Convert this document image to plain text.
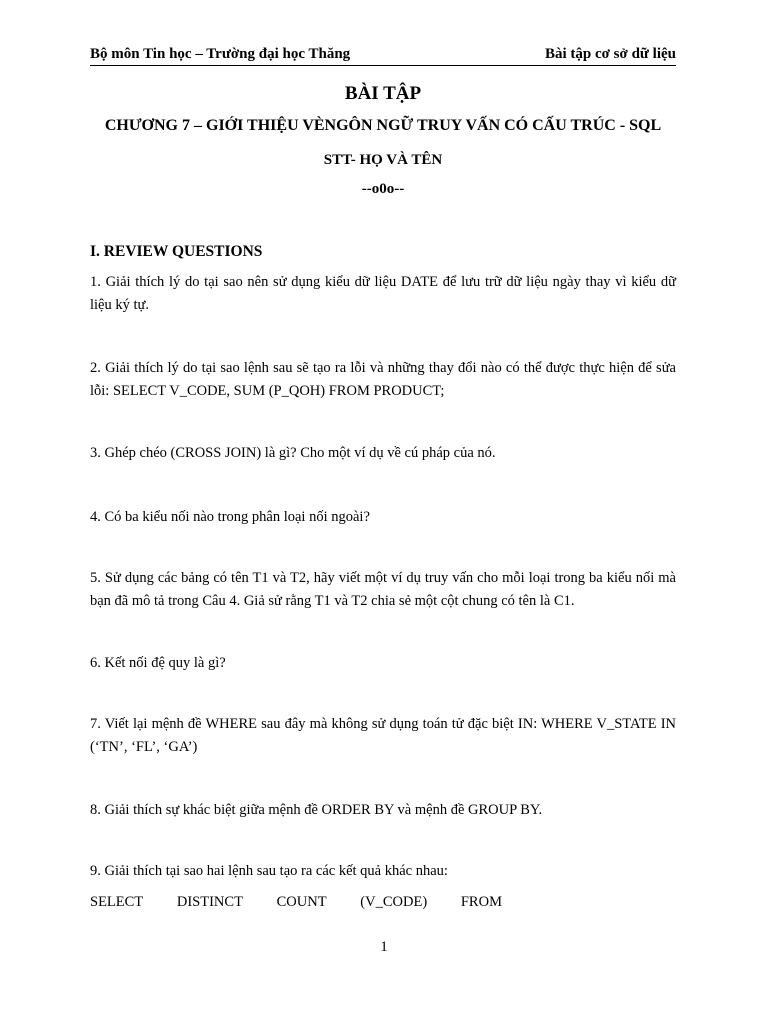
Bộ môn Tin học – Trường đại học Thăng	Bài tập cơ sở dữ liệu

BÀI TẬP

CHƯƠNG 7 – GIỚI THIỆU VÈNGÔN NGỮ TRUY VẤN CÓ CẤU TRÚC - SQL

STT- HỌ VÀ TÊN

--o0o--

I. REVIEW QUESTIONS

1. Giải thích lý do tại sao nên sử dụng kiểu dữ liệu DATE để lưu trữ dữ liệu ngày thay vì kiểu dữ liệu ký tự.

2. Giải thích lý do tại sao lệnh sau sẽ tạo ra lỗi và những thay đổi nào có thể được thực hiện để sửa lỗi: SELECT V_CODE, SUM (P_QOH) FROM PRODUCT;

3. Ghép chéo (CROSS JOIN) là gì? Cho một ví dụ về cú pháp của nó.

4. Có ba kiểu nối nào trong phân loại nối ngoài?

5. Sử dụng các bảng có tên T1 và T2, hãy viết một ví dụ truy vấn cho mỗi loại trong ba kiểu nối mà bạn đã mô tả trong Câu 4. Giả sử rằng T1 và T2 chia sẻ một cột chung có tên là C1.

6. Kết nối đệ quy là gì?

7. Viết lại mệnh đề WHERE sau đây mà không sử dụng toán tử đặc biệt IN: WHERE V_STATE IN (‘TN’, ‘FL’, ‘GA’)

8. Giải thích sự khác biệt giữa mệnh đề ORDER BY và mệnh đề GROUP BY.

9. Giải thích tại sao hai lệnh sau tạo ra các kết quả khác nhau:

SELECT DISTINCT COUNT (V_CODE) FROM
1
